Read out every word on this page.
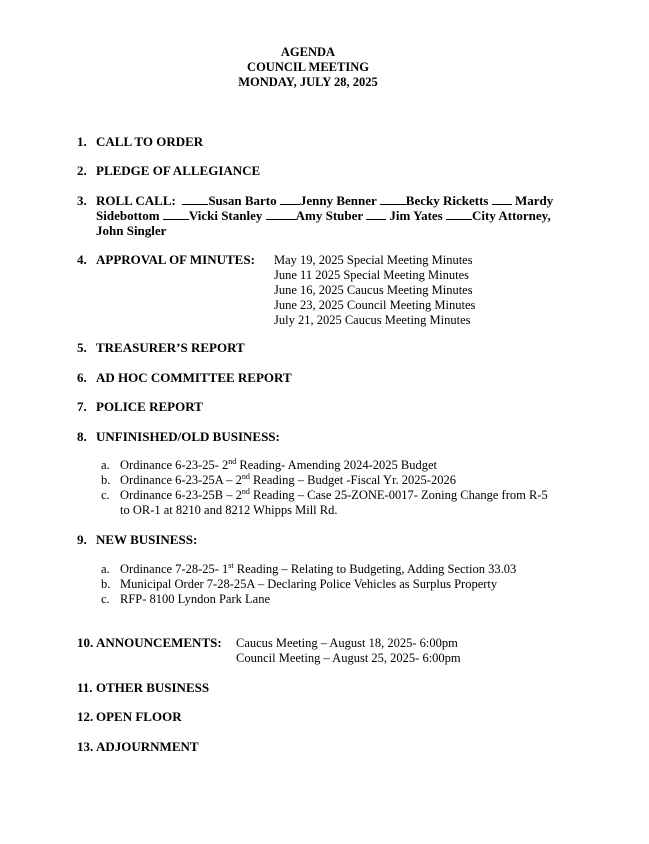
AGENDA
COUNCIL MEETING
MONDAY, JULY 28, 2025
1. CALL TO ORDER
2. PLEDGE OF ALLEGIANCE
3. ROLL CALL:	Susan Barto Jenny Benner Becky Ricketts Mardy Sidebottom Vicki Stanley	Amy Stuber Jim Yates City Attorney, John Singler
4. APPROVAL OF MINUTES: May 19, 2025 Special Meeting Minutes
June 11 2025 Special Meeting Minutes
June 16, 2025 Caucus Meeting Minutes
June 23, 2025 Council Meeting Minutes
July 21, 2025 Caucus Meeting Minutes
5. TREASURER’S REPORT
6. AD HOC COMMITTEE REPORT
7. POLICE REPORT
8. UNFINISHED/OLD BUSINESS:
a. Ordinance 6-23-25- 2nd Reading- Amending 2024-2025 Budget
b. Ordinance 6-23-25A – 2nd Reading – Budget -Fiscal Yr. 2025-2026
c. Ordinance 6-23-25B – 2nd Reading – Case 25-ZONE-0017- Zoning Change from R-5
to OR-1 at 8210 and 8212 Whipps Mill Rd.
9. NEW BUSINESS:
a. Ordinance 7-28-25- 1st Reading – Relating to Budgeting, Adding Section 33.03
b. Municipal Order 7-28-25A – Declaring Police Vehicles as Surplus Property
c. RFP- 8100 Lyndon Park Lane
10. ANNOUNCEMENTS: Caucus Meeting – August 18, 2025- 6:00pm
Council Meeting – August 25, 2025- 6:00pm
11. OTHER BUSINESS
12. OPEN FLOOR
13. ADJOURNMENT
